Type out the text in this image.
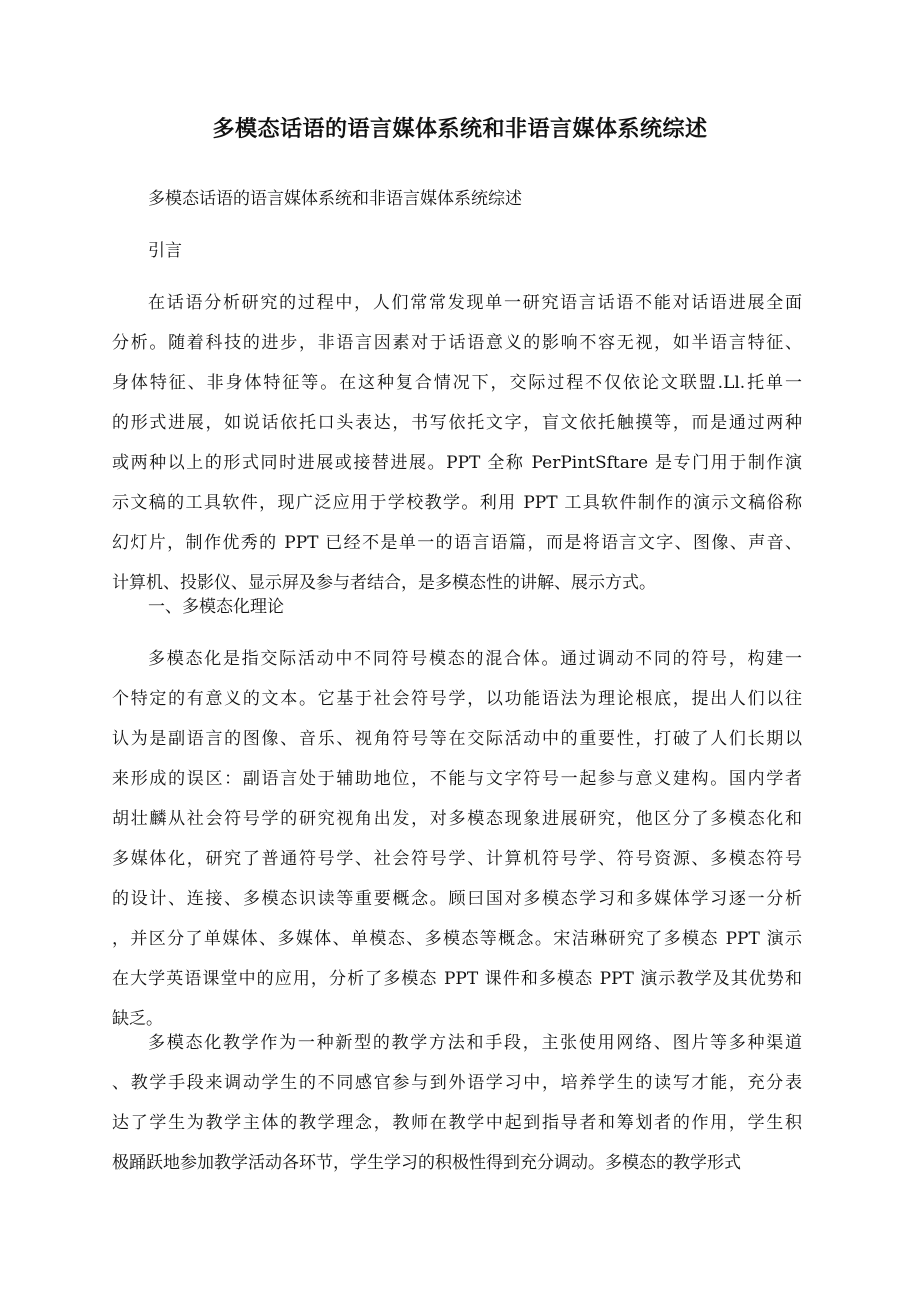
多模态话语的语言媒体系统和非语言媒体系统综述

多模态话语的语言媒体系统和非语言媒体系统综述

引言

在话语分析研究的过程中，人们常常发现单一研究语言话语不能对话语进展全面

分析。随着科技的进步，非语言因素对于话语意义的影响不容无视，如半语言特征、

身体特征、非身体特征等。在这种复合情况下，交际过程不仅依论文联盟.Ll.托单一

的形式进展，如说话依托口头表达，书写依托文字，盲文依托触摸等，而是通过两种

或两种以上的形式同时进展或接替进展。PPT 全称 PerPintSftare 是专门用于制作演

示文稿的工具软件，现广泛应用于学校教学。利用 PPT 工具软件制作的演示文稿俗称

幻灯片，制作优秀的 PPT 已经不是单一的语言语篇，而是将语言文字、图像、声音、

计算机、投影仪、显示屏及参与者结合，是多模态性的讲解、展示方式。

一、多模态化理论

多模态化是指交际活动中不同符号模态的混合体。通过调动不同的符号，构建一

个特定的有意义的文本。它基于社会符号学，以功能语法为理论根底，提出人们以往

认为是副语言的图像、音乐、视角符号等在交际活动中的重要性，打破了人们长期以

来形成的误区：副语言处于辅助地位，不能与文字符号一起参与意义建构。国内学者

胡壮麟从社会符号学的研究视角出发，对多模态现象进展研究，他区分了多模态化和

多媒体化，研究了普通符号学、社会符号学、计算机符号学、符号资源、多模态符号

的设计、连接、多模态识读等重要概念。顾曰国对多模态学习和多媒体学习逐一分析

，并区分了单媒体、多媒体、单模态、多模态等概念。宋洁琳研究了多模态 PPT 演示

在大学英语课堂中的应用，分析了多模态 PPT 课件和多模态 PPT 演示教学及其优势和

缺乏。

多模态化教学作为一种新型的教学方法和手段，主张使用网络、图片等多种渠道

、教学手段来调动学生的不同感官参与到外语学习中，培养学生的读写才能，充分表

达了学生为教学主体的教学理念，教师在教学中起到指导者和筹划者的作用，学生积

极踊跃地参加教学活动各环节，学生学习的积极性得到充分调动。多模态的教学形式
